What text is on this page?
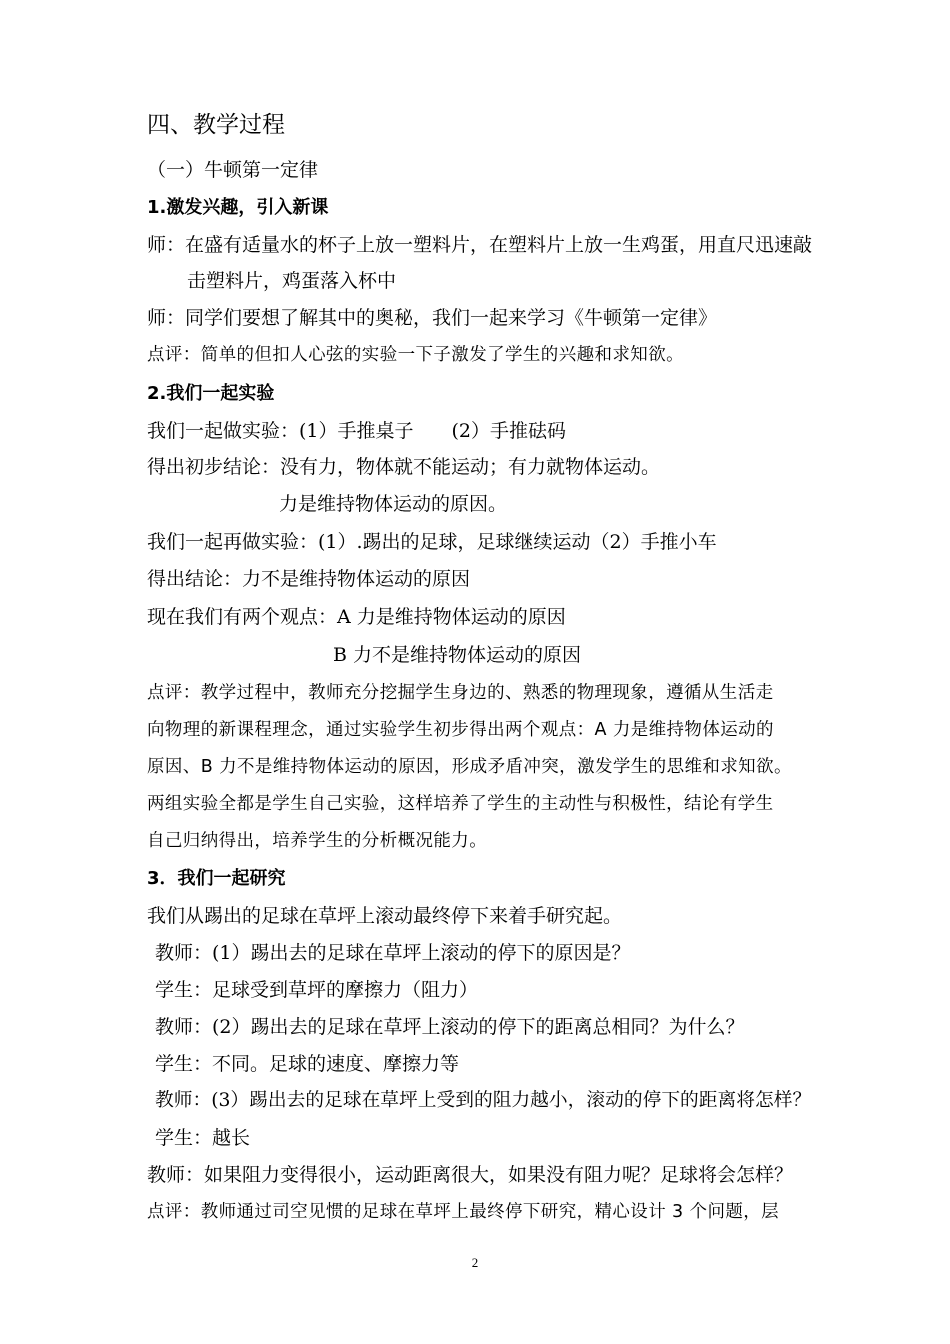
四、教学过程
（一）牛顿第一定律
1.激发兴趣，引入新课
师：在盛有适量水的杯子上放一塑料片，在塑料片上放一生鸡蛋，用直尺迅速敲
击塑料片，鸡蛋落入杯中
师：同学们要想了解其中的奥秘，我们一起来学习《牛顿第一定律》
点评：简单的但扣人心弦的实验一下子激发了学生的兴趣和求知欲。
2.我们一起实验
我们一起做实验：(1）手推桌子　　(2）手推砝码
得出初步结论：没有力，物体就不能运动；有力就物体运动。
力是维持物体运动的原因。
我们一起再做实验：(1）.踢出的足球，足球继续运动（2）手推小车
得出结论：力不是维持物体运动的原因
现在我们有两个观点：A 力是维持物体运动的原因
B 力不是维持物体运动的原因
点评：教学过程中，教师充分挖掘学生身边的、熟悉的物理现象，遵循从生活走
向物理的新课程理念，通过实验学生初步得出两个观点：A 力是维持物体运动的
原因、B 力不是维持物体运动的原因，形成矛盾冲突，激发学生的思维和求知欲。
两组实验全都是学生自己实验，这样培养了学生的主动性与积极性，结论有学生
自己归纳得出，培养学生的分析概况能力。
3．我们一起研究
我们从踢出的足球在草坪上滚动最终停下来着手研究起。
教师：(1）踢出去的足球在草坪上滚动的停下的原因是？
学生：足球受到草坪的摩擦力（阻力）
教师：(2）踢出去的足球在草坪上滚动的停下的距离总相同？为什么？
学生：不同。足球的速度、摩擦力等
教师：(3）踢出去的足球在草坪上受到的阻力越小，滚动的停下的距离将怎样？
学生：越长
教师：如果阻力变得很小，运动距离很大，如果没有阻力呢？足球将会怎样？
点评：教师通过司空见惯的足球在草坪上最终停下研究，精心设计 3 个问题，层
2
